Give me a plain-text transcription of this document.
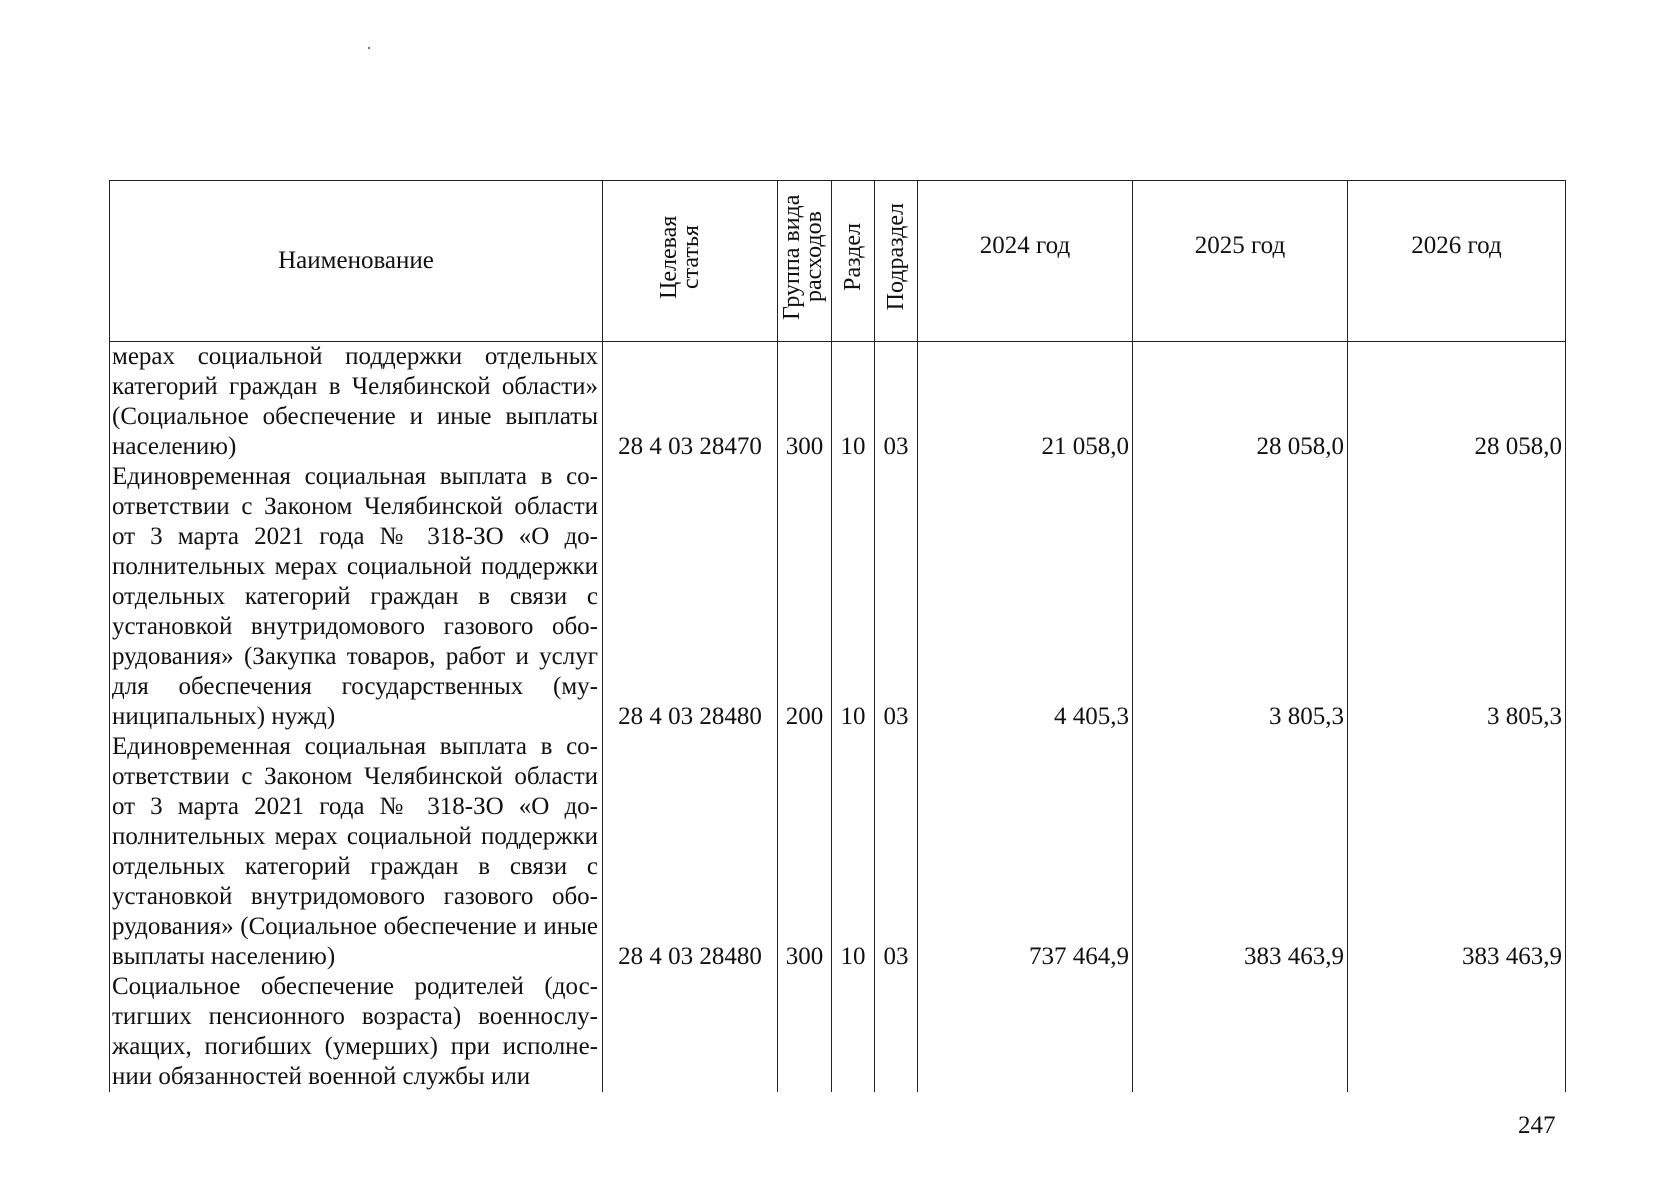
Наименование	Целевая статья	Группа вида расходов	Раздел	Подраздел	2024 год	2025 год	2026 год

мерах социальной поддержки отдельных категорий граждан в Челябинской области» (Социальное обеспечение и иные выплаты населению)	28 4 03 28470	300	10	03	21 058,0	28 058,0	28 058,0
Единовременная социальная выплата в соответствии с Законом Челябинской области от 3 марта 2021 года № 318-ЗО «О дополнительных мерах социальной поддержки отдельных категорий граждан в связи с установкой внутридомового газового оборудования» (Закупка товаров, работ и услуг для обеспечения государственных (муниципальных) нужд)	28 4 03 28480	200	10	03	4 405,3	3 805,3	3 805,3
Единовременная социальная выплата в соответствии с Законом Челябинской области от 3 марта 2021 года № 318-ЗО «О дополнительных мерах социальной поддержки отдельных категорий граждан в связи с установкой внутридомового газового оборудования» (Социальное обеспечение и иные выплаты населению)	28 4 03 28480	300	10	03	737 464,9	383 463,9	383 463,9
Социальное обеспечение родителей (достигших пенсионного возраста) военнослужащих, погибших (умерших) при исполнении обязанностей военной службы или							
247
